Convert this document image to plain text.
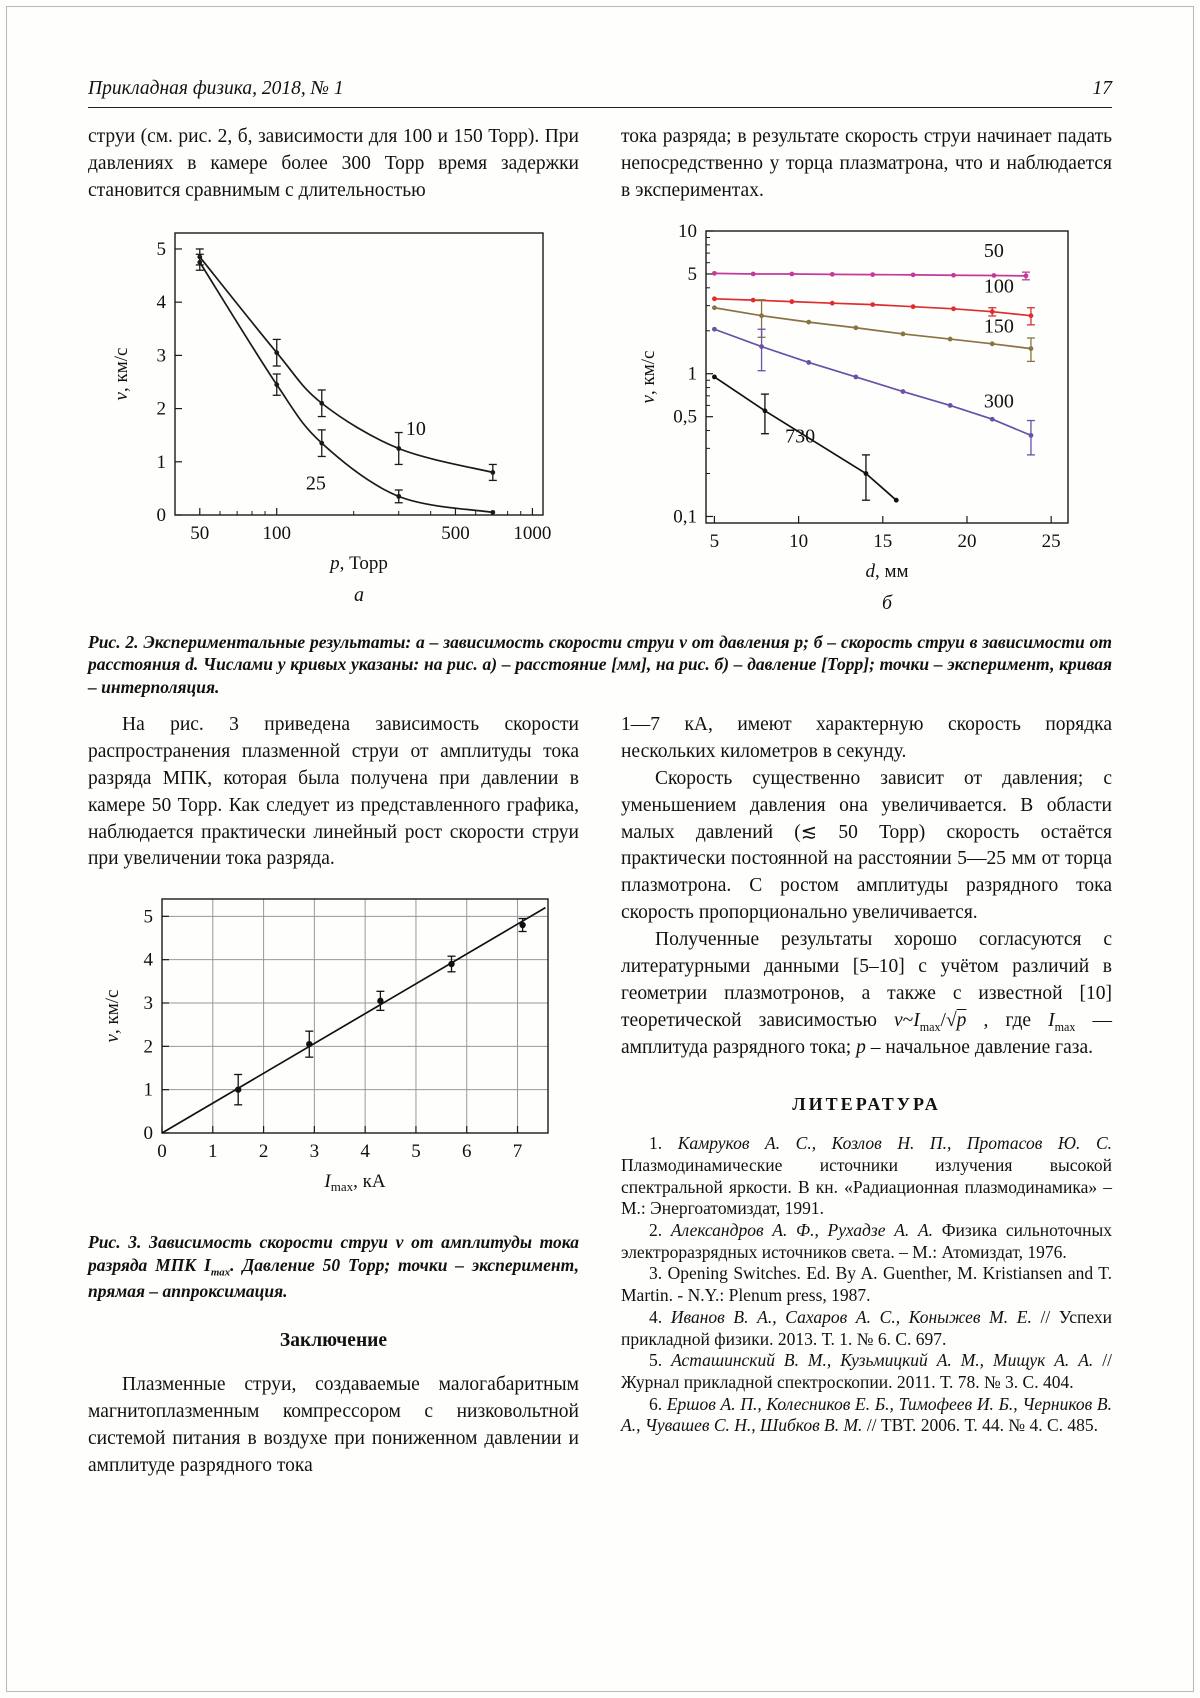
Прикладная физика, 2018, № 1	17

струи (см. рис. 2, б, зависимости для 100 и 150 Торр). При давлениях в камере более 300 Торр время задержки становится сравнимым с длительностью

тока разряда; в результате скорость струи начинает падать непосредственно у торца плазматрона, что и наблюдается в экспериментах.

50	100	500 1000
0
1
2
3
4
5
10
25
v, км/с
p, Торр
а
5	10	15	20	25
0,1
0,5
1
5
10
50
100
150
300
730
v, км/с
d, мм
б

Рис. 2. Экспериментальные результаты: а – зависимость скорости струи v от давления p; б – скорость струи в зависимости от расстояния d. Числами у кривых указаны: на рис. а) – расстояние [мм], на рис. б) – давление [Торр]; точки – эксперимент, кривая – интерполяция.

На рис. 3 приведена зависимость скорости распространения плазменной струи от амплитуды тока разряда МПК, которая была получена при давлении в камере 50 Торр. Как следует из представленного графика, наблюдается практически линейный рост скорости струи при увеличении тока разряда.

0 1 2 3 4 5 6 7
0
1
2
3
4
5
v, км/с
$I_{max}$, кА

Рис. 3. Зависимость скорости струи v от амплитуды тока разряда МПК $I_{max}$. Давление 50 Торр; точки – эксперимент, прямая – аппроксимация.

Заключение

Плазменные струи, создаваемые малогабаритным магнитоплазменным компрессором с низковольтной системой питания в воздухе при пониженном давлении и амплитуде разрядного тока

1—7 кА, имеют характерную скорость порядка нескольких километров в секунду.

Скорость существенно зависит от давления; с уменьшением давления она увеличивается. В области малых давлений (≲ 50 Торр) скорость остаётся практически постоянной на расстоянии 5—25 мм от торца плазмотрона. С ростом амплитуды разрядного тока скорость пропорционально увеличивается.

Полученные результаты хорошо согласуются с литературными данными [5–10] с учётом различий в геометрии плазмотронов, а также с известной [10] теоретической зависимостью $v\sim I_{max}/√p$ , где $I_{max}$ — амплитуда разрядного тока; p – начальное давление газа.

ЛИТЕРАТУРА

1. Камруков А. С., Козлов Н. П., Протасов Ю. С. Плазмодинамические источники излучения высокой спектральной яркости. В кн. «Радиационная плазмодинамика» – М.: Энергоатомиздат, 1991.

2. Александров А. Ф., Рухадзе А. А. Физика сильноточных электроразрядных источников света. – М.: Атомиздат, 1976.

3. Opening Switches. Ed. By A. Guenther, M. Kristiansen and T. Martin. - N.Y.: Plenum press, 1987.

4. Иванов В. А., Сахаров А. С., Коныжев М. Е. // Успехи прикладной физики. 2013. Т. 1. № 6. С. 697.

5. Асташинский В. М., Кузьмицкий А. М., Мищук А. А. // Журнал прикладной спектроскопии. 2011. Т. 78. № 3. С. 404.

6. Ершов А. П., Колесников Е. Б., Тимофеев И. Б., Черников В. А., Чувашев С. Н., Шибков В. М. // ТВТ. 2006. Т. 44. № 4. С. 485.
